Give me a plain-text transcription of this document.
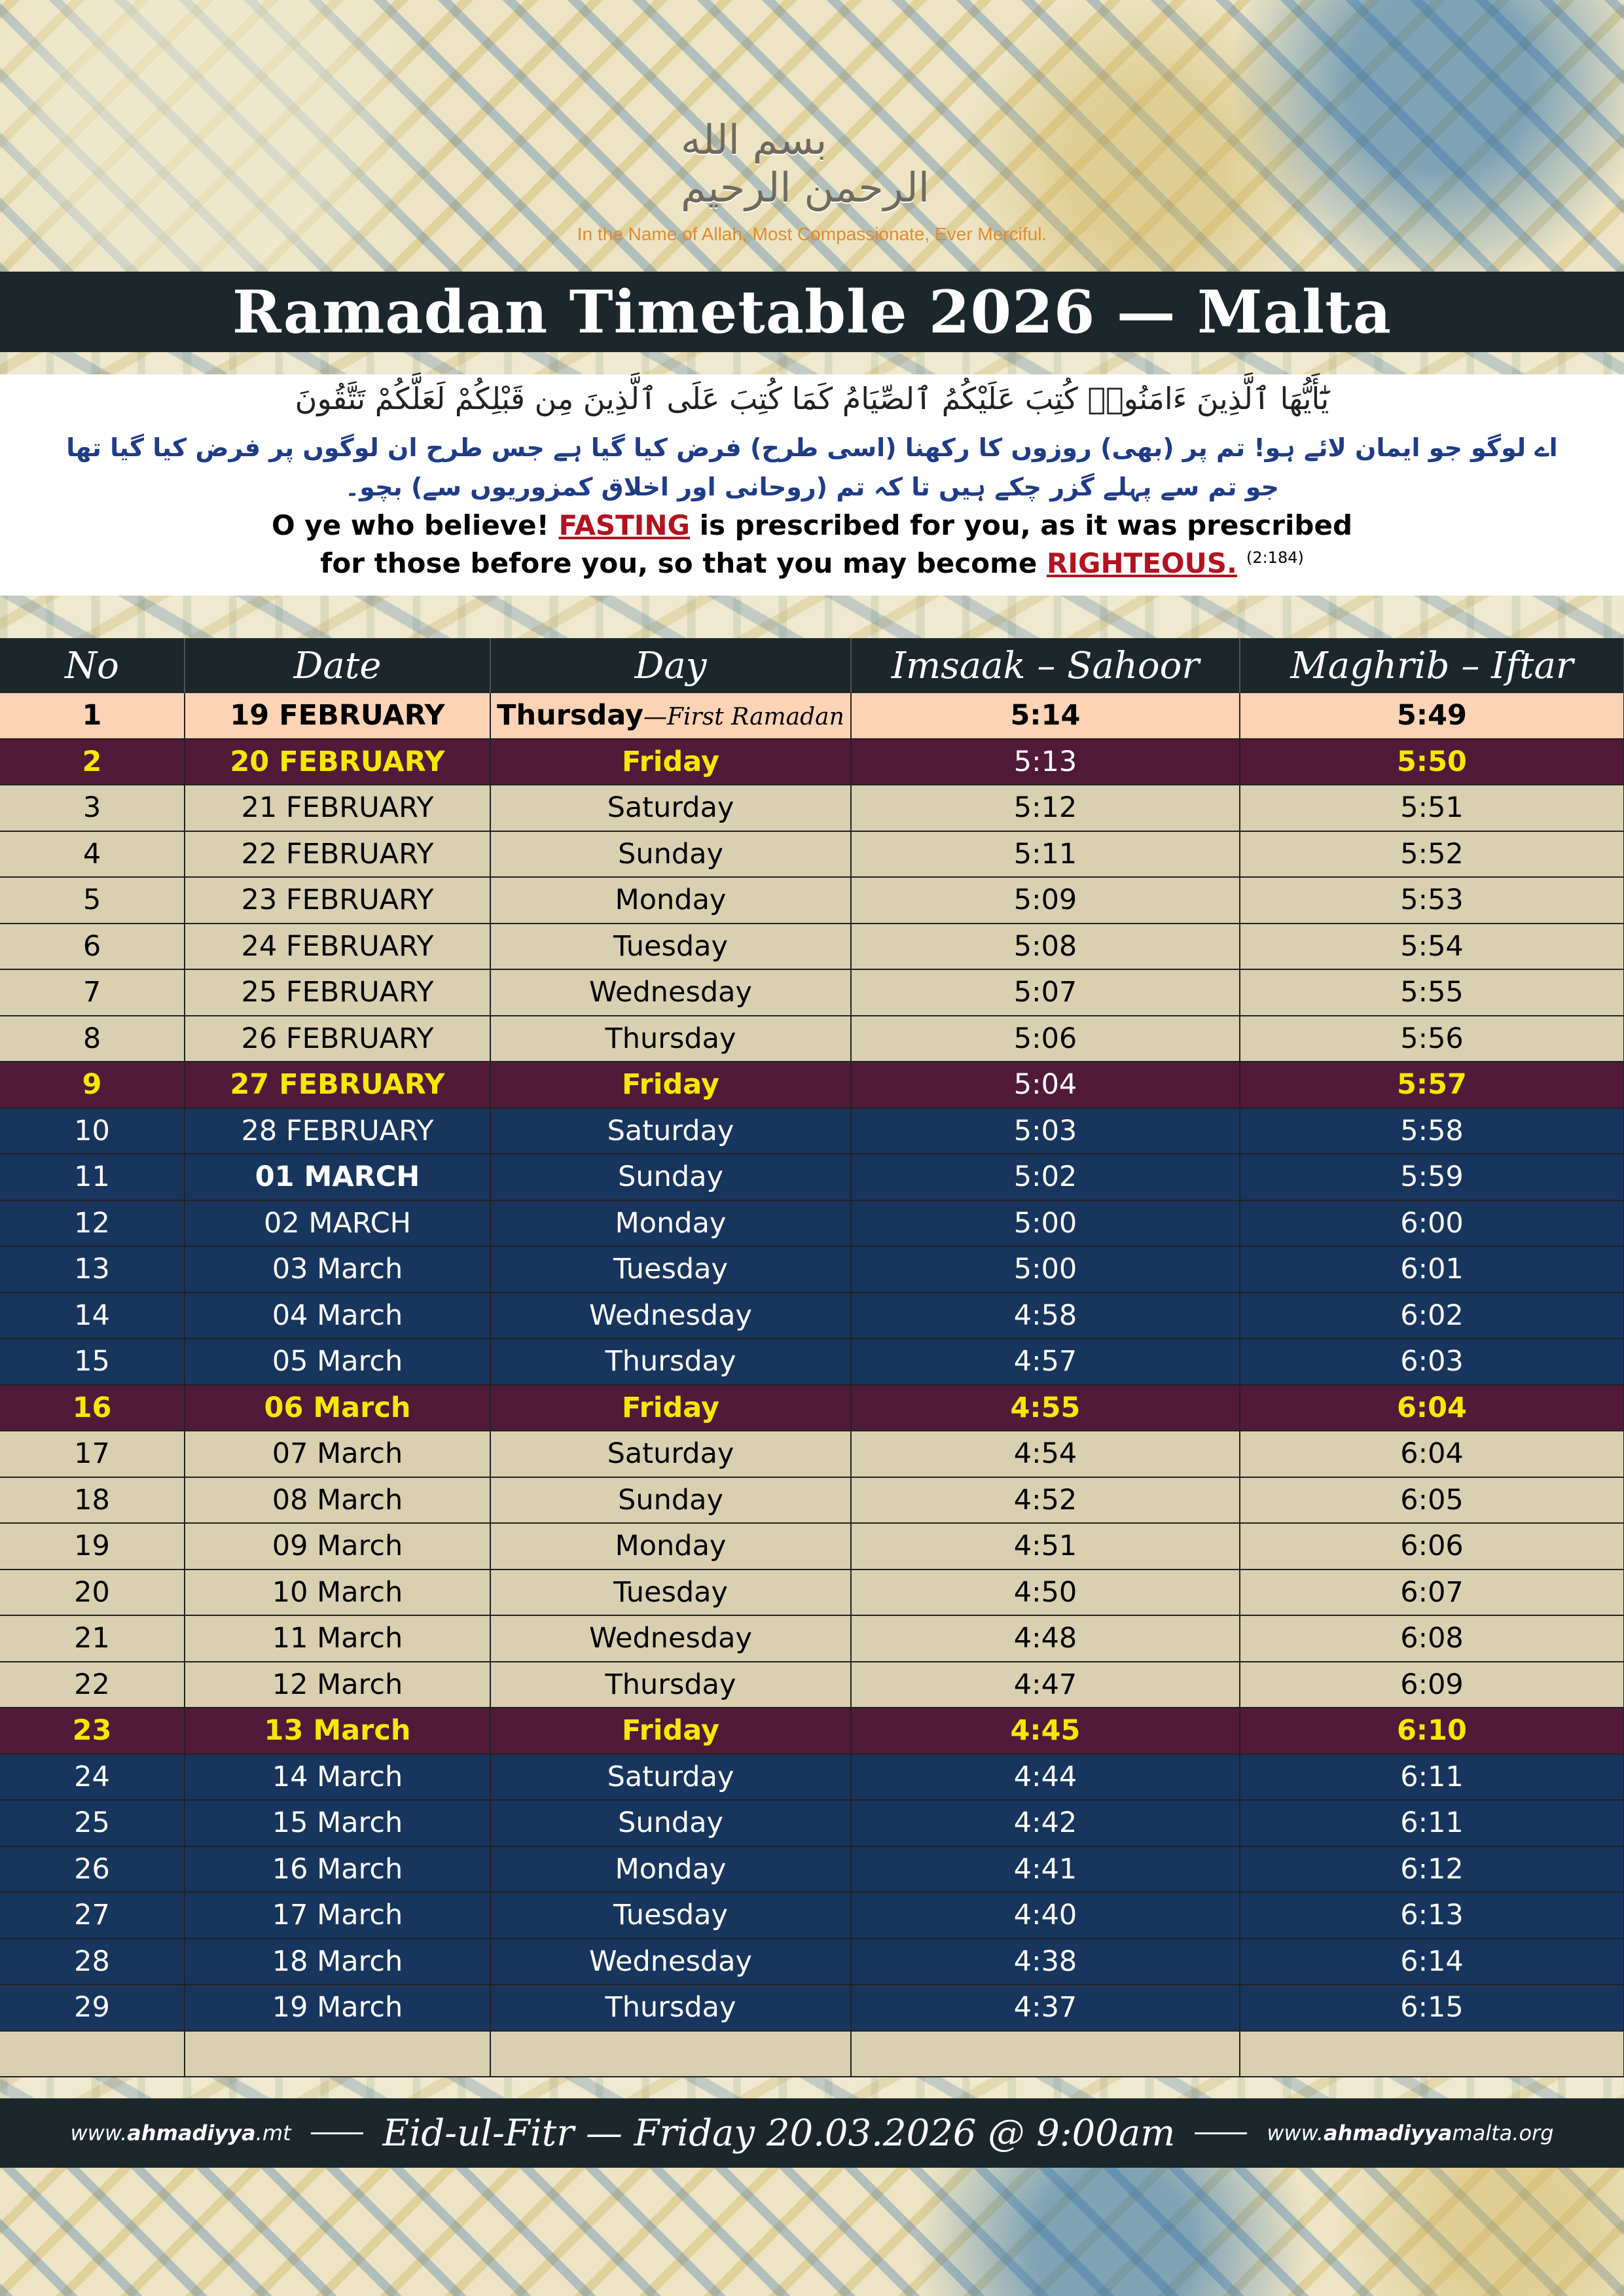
بسم الله الرحمن الرحيم
In the Name of Allah, Most Compassionate, Ever Merciful.
Ramadan Timetable 2026 — Malta
يَٰٓأَيُّهَا ٱلَّذِينَ ءَامَنُوا۟ كُتِبَ عَلَيْكُمُ ٱلصِّيَامُ كَمَا كُتِبَ عَلَى ٱلَّذِينَ مِن قَبْلِكُمْ لَعَلَّكُمْ تَتَّقُونَ
اے لوگو جو ایمان لائے ہو! تم پر (بھی) روزوں کا رکھنا (اسی طرح) فرض کیا گیا ہے جس طرح ان لوگوں پر فرض کیا گیا تھا
جو تم سے پہلے گزر چکے ہیں تا کہ تم (روحانی اور اخلاق کمزوریوں سے) بچو۔
O ye who believe! FASTING is prescribed for you, as it was prescribed
for those before you, so that you may become RIGHTEOUS. $^{(2:184)}$
No	Date	Day	Imsaak – Sahoor	Maghrib – Iftar
1	19 FEBRUARY	Thursday—First Ramadan	5:14	5:49
2	20 FEBRUARY	Friday	5:13	5:50
3	21 FEBRUARY	Saturday	5:12	5:51
4	22 FEBRUARY	Sunday	5:11	5:52
5	23 FEBRUARY	Monday	5:09	5:53
6	24 FEBRUARY	Tuesday	5:08	5:54
7	25 FEBRUARY	Wednesday	5:07	5:55
8	26 FEBRUARY	Thursday	5:06	5:56
9	27 FEBRUARY	Friday	5:04	5:57
10	28 FEBRUARY	Saturday	5:03	5:58
11	01 MARCH	Sunday	5:02	5:59
12	02 MARCH	Monday	5:00	6:00
13	03 March	Tuesday	5:00	6:01
14	04 March	Wednesday	4:58	6:02
15	05 March	Thursday	4:57	6:03
16	06 March	Friday	4:55	6:04
17	07 March	Saturday	4:54	6:04
18	08 March	Sunday	4:52	6:05
19	09 March	Monday	4:51	6:06
20	10 March	Tuesday	4:50	6:07
21	11 March	Wednesday	4:48	6:08
22	12 March	Thursday	4:47	6:09
23	13 March	Friday	4:45	6:10
24	14 March	Saturday	4:44	6:11
25	15 March	Sunday	4:42	6:11
26	16 March	Monday	4:41	6:12
27	17 March	Tuesday	4:40	6:13
28	18 March	Wednesday	4:38	6:14
29	19 March	Thursday	4:37	6:15

www.ahmadiyya.mt	Eid-ul-Fitr — Friday 20.03.2026 @ 9:00am	www.ahmadiyyamalta.org
